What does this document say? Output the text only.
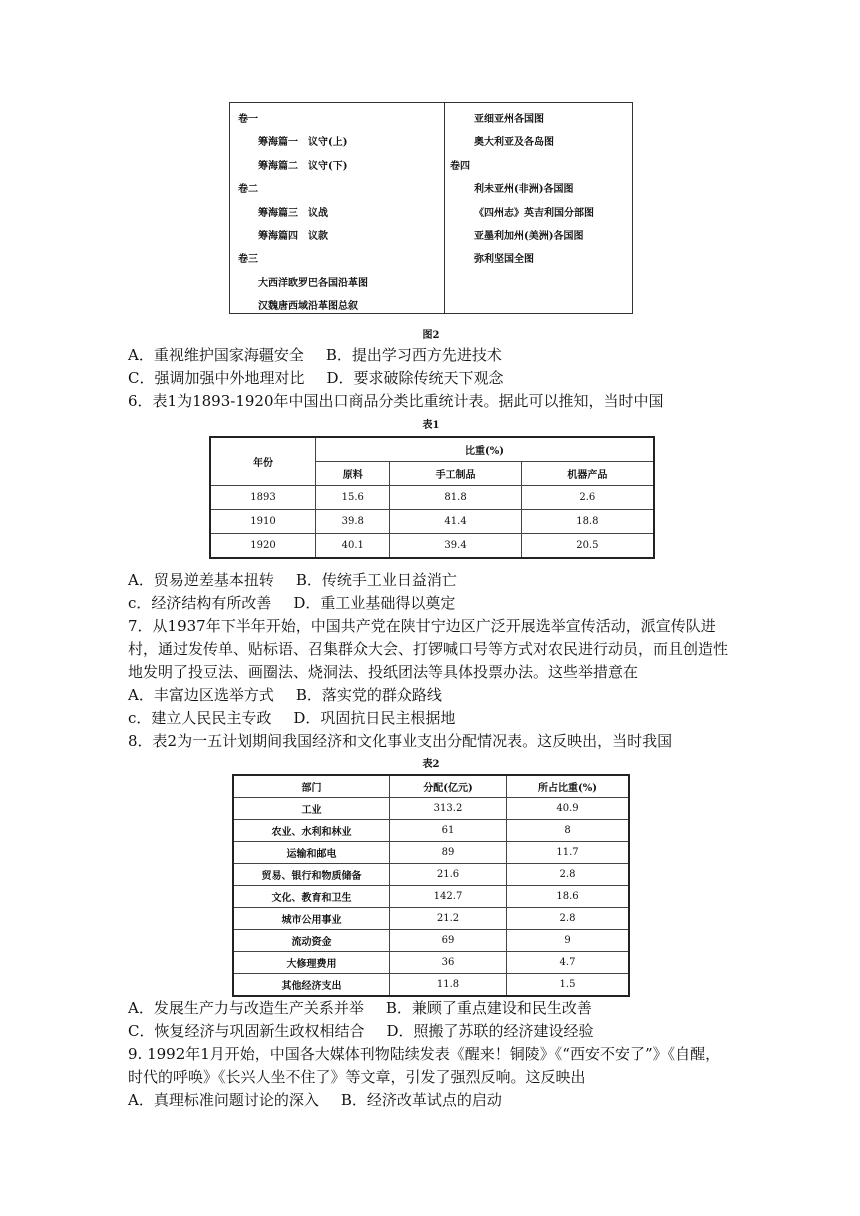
卷一
筹海篇一　议守(上)
筹海篇二　议守(下)
卷二
筹海篇三　议战
筹海篇四　议款
卷三
大西洋欧罗巴各国沿革图
汉魏唐西域沿革图总叙
亚细亚州各国图
奥大利亚及各岛图
卷四
利未亚州(非洲)各国图
《四州志》英吉利国分部图
亚墨利加州(美洲)各国图
弥利坚国全图
图2
A．重视维护国家海疆安全 B．提出学习西方先进技术
C．强调加强中外地理对比 D．要求破除传统天下观念
6．表1为1893-1920年中国出口商品分类比重统计表。据此可以推知，当时中国
表1
年份	比重(%)		
	原料	手工制品	机器产品
1893	15.6	81.8	2.6
1910	39.8	41.4	18.8
1920	40.1	39.4	20.5
A．贸易逆差基本扭转 B．传统手工业日益消亡
c．经济结构有所改善 D．重工业基础得以奠定
7．从1937年下半年开始，中国共产党在陕甘宁边区广泛开展选举宣传活动，派宣传队进
村，通过发传单、贴标语、召集群众大会、打锣喊口号等方式对农民进行动员，而且创造性
地发明了投豆法、画圈法、烧洞法、投纸团法等具体投票办法。这些举措意在
A．丰富边区选举方式 B．落实党的群众路线
c．建立人民民主专政 D．巩固抗日民主根据地
8．表2为一五计划期间我国经济和文化事业支出分配情况表。这反映出，当时我国
表2
部门	分配(亿元)	所占比重(%)
工业	313.2	40.9
农业、水利和林业	61	8
运输和邮电	89	11.7
贸易、银行和物质储备	21.6	2.8
文化、教育和卫生	142.7	18.6
城市公用事业	21.2	2.8
流动资金	69	9
大修理费用	36	4.7
其他经济支出	11.8	1.5
A．发展生产力与改造生产关系并举 B．兼顾了重点建设和民生改善
C．恢复经济与巩固新生政权相结合 D．照搬了苏联的经济建设经验
9. 1992年1月开始，中国各大媒体刊物陆续发表《醒来！铜陵》《“西安不安了”》《自醒，
时代的呼唤》《长兴人坐不住了》等文章，引发了强烈反响。这反映出
A．真理标准问题讨论的深入 B．经济改革试点的启动
